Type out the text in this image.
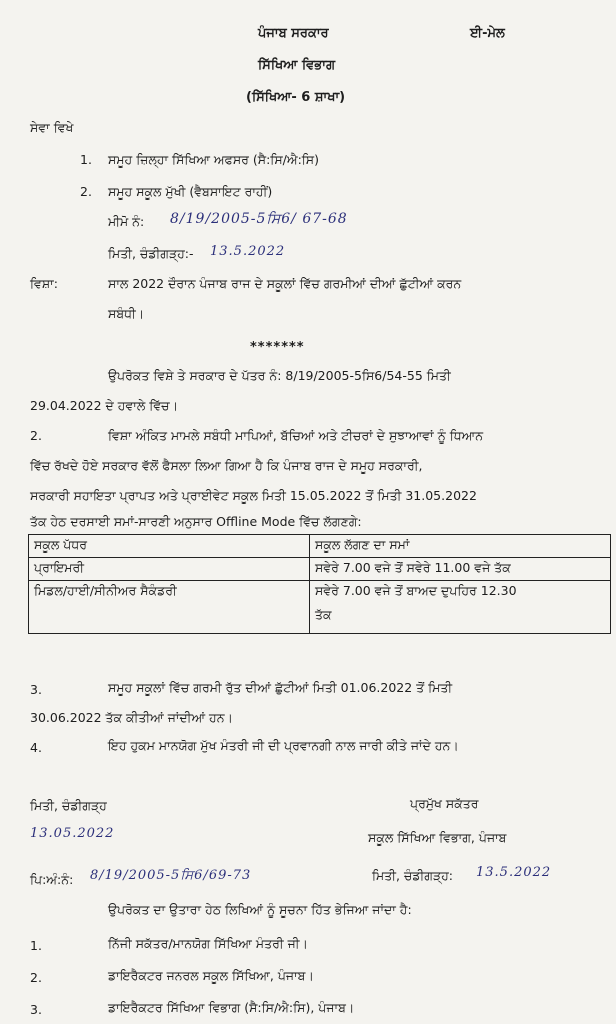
ਪੰਜਾਬ ਸਰਕਾਰ	ਈ-ਮੇਲ
ਸਿੱਖਿਆ ਵਿਭਾਗ
(ਸਿੱਖਿਆ- 6 ਸ਼ਾਖਾ)
ਸੇਵਾ ਵਿਖੇ
1. ਸਮੂਹ ਜ਼ਿਲ੍ਹਾ ਸਿੱਖਿਆ ਅਫਸਰ (ਸੈ:ਸਿ/ਐ:ਸਿ)
2. ਸਮੂਹ ਸਕੂਲ ਮੁੱਖੀ (ਵੈਬਸਾਇਟ ਰਾਹੀਂ)
ਮੀਮੋ ਨੰ: 8/19/2005-5ਸਿ6/ 67-68
ਮਿਤੀ, ਚੰਡੀਗੜ੍ਹ:- 13.5.2022
ਵਿਸ਼ਾ:	ਸਾਲ 2022 ਦੌਰਾਨ ਪੰਜਾਬ ਰਾਜ ਦੇ ਸਕੂਲਾਂ ਵਿੱਚ ਗਰਮੀਆਂ ਦੀਆਂ ਛੁੱਟੀਆਂ ਕਰਨ
ਸਬੰਧੀ।
*******
ਉਪਰੋਕਤ ਵਿਸ਼ੇ ਤੇ ਸਰਕਾਰ ਦੇ ਪੱਤਰ ਨੰ: 8/19/2005-5ਸਿ6/54-55 ਮਿਤੀ
29.04.2022 ਦੇ ਹਵਾਲੇ ਵਿੱਚ।
2.	ਵਿਸ਼ਾ ਅੰਕਿਤ ਮਾਮਲੇ ਸਬੰਧੀ ਮਾਪਿਆਂ, ਬੱਚਿਆਂ ਅਤੇ ਟੀਚਰਾਂ ਦੇ ਸੁਝਾਆਵਾਂ ਨੂੰ ਧਿਆਨ
ਵਿੱਚ ਰੱਖਦੇ ਹੋਏ ਸਰਕਾਰ ਵੱਲੋਂ ਫੈਸਲਾ ਲਿਆ ਗਿਆ ਹੈ ਕਿ ਪੰਜਾਬ ਰਾਜ ਦੇ ਸਮੂਹ ਸਰਕਾਰੀ,
ਸਰਕਾਰੀ ਸਹਾਇਤਾ ਪ੍ਰਾਪਤ ਅਤੇ ਪ੍ਰਾਈਵੇਟ ਸਕੂਲ ਮਿਤੀ 15.05.2022 ਤੋਂ ਮਿਤੀ 31.05.2022
ਤੱਕ ਹੇਠ ਦਰਸਾਈ ਸਮਾਂ-ਸਾਰਣੀ ਅਨੁਸਾਰ Offline Mode ਵਿੱਚ ਲੱਗਣਗੇ:
ਸਕੂਲ ਪੱਧਰ	ਸਕੂਲ ਲੱਗਣ ਦਾ ਸਮਾਂ
ਪ੍ਰਾਇਮਰੀ	ਸਵੇਰੇ 7.00 ਵਜੇ ਤੋਂ ਸਵੇਰੇ 11.00 ਵਜੇ ਤੱਕ
ਮਿਡਲ/ਹਾਈ/ਸੀਨੀਅਰ ਸੈਕੰਡਰੀ	ਸਵੇਰੇ 7.00 ਵਜੇ ਤੋਂ ਬਾਅਦ ਦੁਪਹਿਰ 12.30
ਤੱਕ
3.	ਸਮੂਹ ਸਕੂਲਾਂ ਵਿੱਚ ਗਰਮੀ ਰੁੱਤ ਦੀਆਂ ਛੁੱਟੀਆਂ ਮਿਤੀ 01.06.2022 ਤੋਂ ਮਿਤੀ
30.06.2022 ਤੱਕ ਕੀਤੀਆਂ ਜਾਂਦੀਆਂ ਹਨ।
4.	ਇਹ ਹੁਕਮ ਮਾਨਯੋਗ ਮੁੱਖ ਮੰਤਰੀ ਜੀ ਦੀ ਪ੍ਰਵਾਨਗੀ ਨਾਲ ਜਾਰੀ ਕੀਤੇ ਜਾਂਦੇ ਹਨ।
ਮਿਤੀ, ਚੰਡੀਗੜ੍ਹ
13.05.2022
ਪ੍ਰਮੁੱਖ ਸਕੱਤਰ
ਸਕੂਲ ਸਿੱਖਿਆ ਵਿਭਾਗ, ਪੰਜਾਬ
ਪਿ:ਅੰ:ਨੰ: 8/19/2005-5ਸਿ6/69-73	ਮਿਤੀ, ਚੰਡੀਗੜ੍ਹ: 13.5.2022
ਉਪਰੋਕਤ ਦਾ ਉਤਾਰਾ ਹੇਠ ਲਿਖਿਆਂ ਨੂੰ ਸੂਚਨਾ ਹਿੱਤ ਭੇਜਿਆ ਜਾਂਦਾ ਹੈ:
1.	ਨਿੱਜੀ ਸਕੱਤਰ/ਮਾਨਯੋਗ ਸਿੱਖਿਆ ਮੰਤਰੀ ਜੀ।
2.	ਡਾਇਰੈਕਟਰ ਜਨਰਲ ਸਕੂਲ ਸਿੱਖਿਆ, ਪੰਜਾਬ।
3.	ਡਾਇਰੈਕਟਰ ਸਿੱਖਿਆ ਵਿਭਾਗ (ਸੈ:ਸਿ/ਐ:ਸਿ), ਪੰਜਾਬ।
